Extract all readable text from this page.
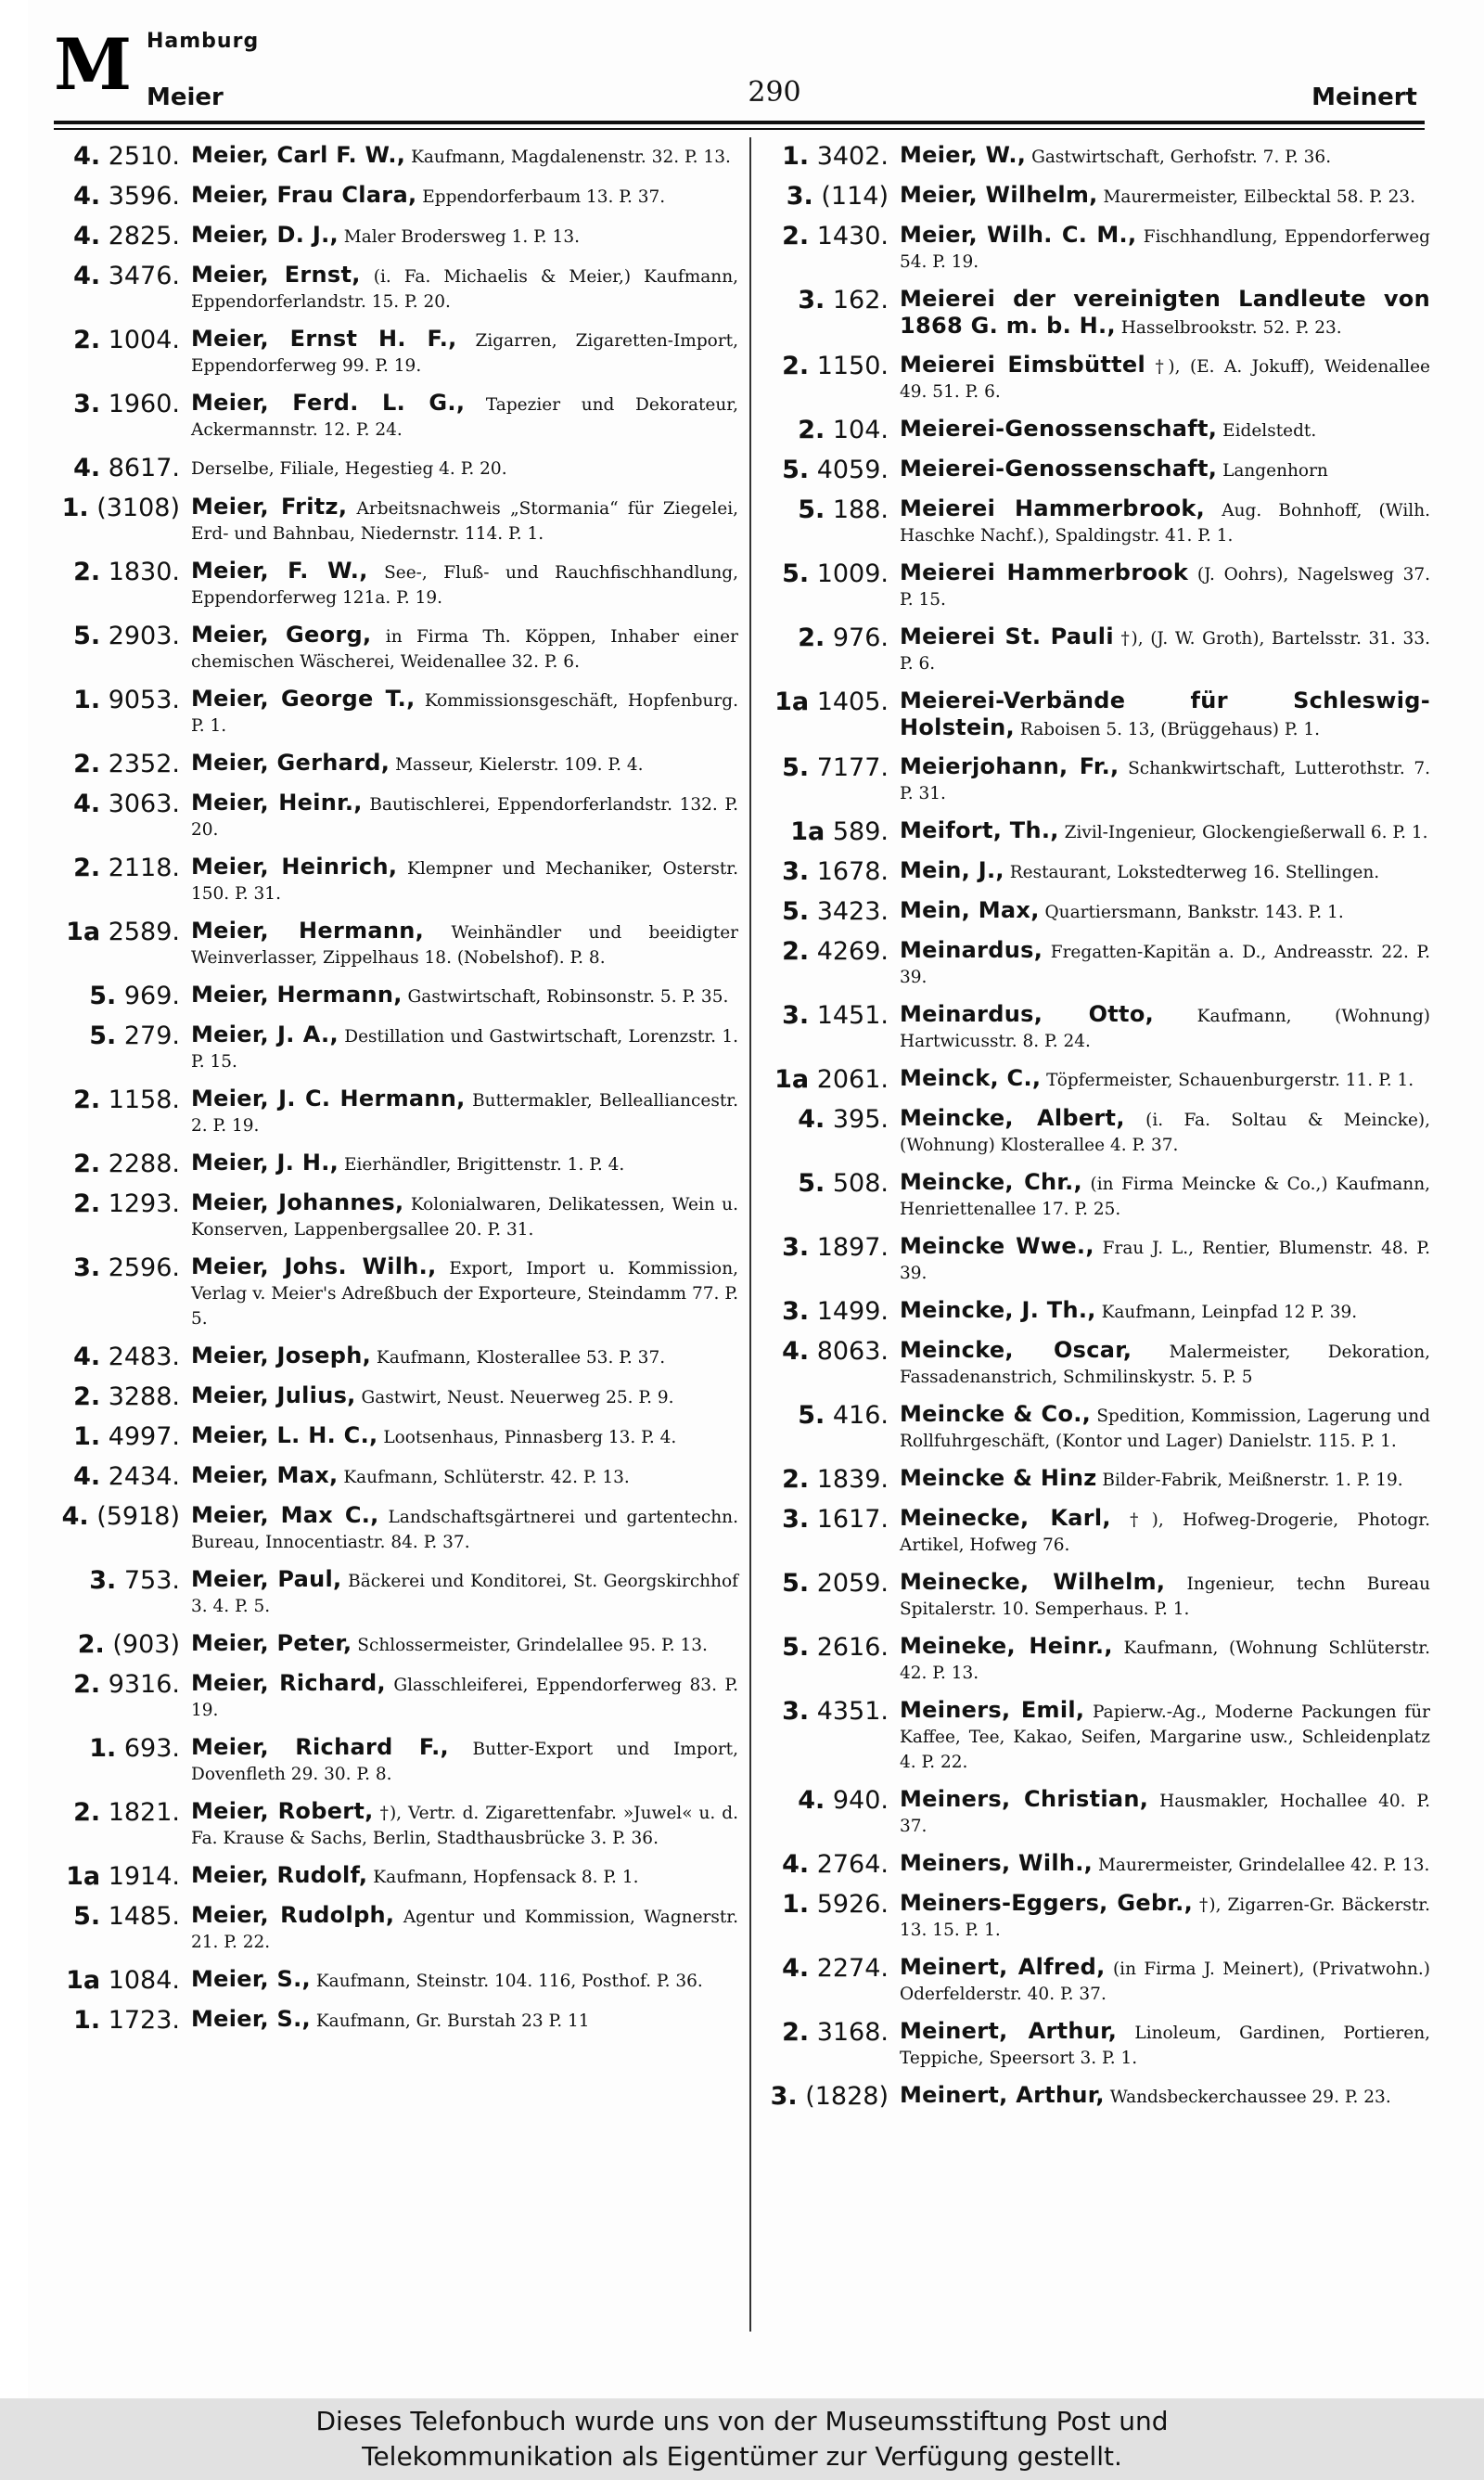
M Hamburg
Meier	290	Meinert
4. 2510. Meier, Carl F. W., Kaufmann, Magdalenenstr. 32. P. 13.
4. 3596. Meier, Frau Clara, Eppendorferbaum 13. P. 37.
4. 2825. Meier, D. J., Maler Brodersweg 1. P. 13.
4. 3476. Meier, Ernst, (i. Fa. Michaelis & Meier,) Kaufmann, Eppendorferlandstr. 15. P. 20.
2. 1004. Meier, Ernst H. F., Zigarren, Zigaretten-Import, Eppendorferweg 99. P. 19.
3. 1960. Meier, Ferd. L. G., Tapezier und Dekorateur, Ackermannstr. 12. P. 24.
4. 8617. Derselbe, Filiale, Hegestieg 4. P. 20.
1. (3108) Meier, Fritz, Arbeitsnachweis „Stormania“ für Ziegelei, Erd- und Bahnbau, Niedernstr. 114. P. 1.
2. 1830. Meier, F. W., See-, Fluß- und Rauchfischhandlung, Eppendorferweg 121a. P. 19.
5. 2903. Meier, Georg, in Firma Th. Köppen, Inhaber einer chemischen Wäscherei, Weidenallee 32. P. 6.
1. 9053. Meier, George T., Kommissionsgeschäft, Hopfenburg. P. 1.
2. 2352. Meier, Gerhard, Masseur, Kielerstr. 109. P. 4.
4. 3063. Meier, Heinr., Bautischlerei, Eppendorferlandstr. 132. P. 20.
2. 2118. Meier, Heinrich, Klempner und Mechaniker, Osterstr. 150. P. 31.
1a 2589. Meier, Hermann, Weinhändler und beeidigter Weinverlasser, Zippelhaus 18. (Nobelshof). P. 8.
5. 969. Meier, Hermann, Gastwirtschaft, Robinsonstr. 5. P. 35.
5. 279. Meier, J. A., Destillation und Gastwirtschaft, Lorenzstr. 1. P. 15.
2. 1158. Meier, J. C. Hermann, Buttermakler, Bellealliancestr. 2. P. 19.
2. 2288. Meier, J. H., Eierhändler, Brigittenstr. 1. P. 4.
2. 1293. Meier, Johannes, Kolonialwaren, Delikatessen, Wein u. Konserven, Lappenbergsallee 20. P. 31.
3. 2596. Meier, Johs. Wilh., Export, Import u. Kommission, Verlag v. Meier's Adreßbuch der Exporteure, Steindamm 77. P. 5.
4. 2483. Meier, Joseph, Kaufmann, Klosterallee 53. P. 37.
2. 3288. Meier, Julius, Gastwirt, Neust. Neuerweg 25. P. 9.
1. 4997. Meier, L. H. C., Lootsenhaus, Pinnasberg 13. P. 4.
4. 2434. Meier, Max, Kaufmann, Schlüterstr. 42. P. 13.
4. (5918) Meier, Max C., Landschaftsgärtnerei und gartentechn. Bureau, Innocentiastr. 84. P. 37.
3. 753. Meier, Paul, Bäckerei und Konditorei, St. Georgskirchhof 3. 4. P. 5.
2. (903) Meier, Peter, Schlossermeister, Grindelallee 95. P. 13.
2. 9316. Meier, Richard, Glasschleiferei, Eppendorferweg 83. P. 19.
1. 693. Meier, Richard F., Butter-Export und Import, Dovenfleth 29. 30. P. 8.
2. 1821. Meier, Robert, †), Vertr. d. Zigarettenfabr. »Juwel« u. d. Fa. Krause & Sachs, Berlin, Stadthausbrücke 3. P. 36.
1a 1914. Meier, Rudolf, Kaufmann, Hopfensack 8. P. 1.
5. 1485. Meier, Rudolph, Agentur und Kommission, Wagnerstr. 21. P. 22.
1a 1084. Meier, S., Kaufmann, Steinstr. 104. 116, Posthof. P. 36.
1. 1723. Meier, S., Kaufmann, Gr. Burstah 23 P. 11
1. 3402. Meier, W., Gastwirtschaft, Gerhofstr. 7. P. 36.
3. (114) Meier, Wilhelm, Maurermeister, Eilbecktal 58. P. 23.
2. 1430. Meier, Wilh. C. M., Fischhandlung, Eppendorferweg 54. P. 19.
3. 162. Meierei der vereinigten Landleute von 1868 G. m. b. H., Hasselbrookstr. 52. P. 23.
2. 1150. Meierei Eimsbüttel †), (E. A. Jokuff), Weidenallee 49. 51. P. 6.
2. 104. Meierei-Genossenschaft, Eidelstedt.
5. 4059. Meierei-Genossenschaft, Langenhorn
5. 188. Meierei Hammerbrook, Aug. Bohnhoff, (Wilh. Haschke Nachf.), Spaldingstr. 41. P. 1.
5. 1009. Meierei Hammerbrook (J. Oohrs), Nagelsweg 37. P. 15.
2. 976. Meierei St. Pauli †), (J. W. Groth), Bartelsstr. 31. 33. P. 6.
1a 1405. Meierei-Verbände für Schleswig-Holstein, Raboisen 5. 13, (Brüggehaus) P. 1.
5. 7177. Meierjohann, Fr., Schankwirtschaft, Lutterothstr. 7. P. 31.
1a 589. Meifort, Th., Zivil-Ingenieur, Glockengießerwall 6. P. 1.
3. 1678. Mein, J., Restaurant, Lokstedterweg 16. Stellingen.
5. 3423. Mein, Max, Quartiersmann, Bankstr. 143. P. 1.
2. 4269. Meinardus, Fregatten-Kapitän a. D., Andreasstr. 22. P. 39.
3. 1451. Meinardus, Otto,	Kaufmann, (Wohnung) Hartwicusstr. 8. P. 24.
1a 2061. Meinck, C., Töpfermeister, Schauenburgerstr. 11. P. 1.
4. 395. Meincke, Albert, (i. Fa. Soltau & Meincke), (Wohnung) Klosterallee 4. P. 37.
5. 508. Meincke, Chr., (in Firma Meincke & Co.,) Kaufmann, Henriettenallee 17. P. 25.
3. 1897. Meincke Wwe., Frau J. L., Rentier, Blumenstr. 48. P. 39.
3. 1499. Meincke, J. Th., Kaufmann, Leinpfad 12 P. 39.
4. 8063. Meincke, Oscar, Malermeister, Dekoration, Fassadenanstrich, Schmilinskystr. 5. P. 5
5. 416. Meincke & Co., Spedition, Kommission, Lagerung und Rollfuhrgeschäft, (Kontor und Lager) Danielstr. 115. P. 1.
2. 1839. Meincke & Hinz Bilder-Fabrik, Meißnerstr. 1. P. 19.
3. 1617. Meinecke, Karl, †), Hofweg-Drogerie, Photogr. Artikel, Hofweg 76.
5. 2059. Meinecke, Wilhelm, Ingenieur, techn Bureau Spitalerstr. 10. Semperhaus. P. 1.
5. 2616. Meineke, Heinr., Kaufmann, (Wohnung Schlüterstr. 42. P. 13.
3. 4351. Meiners, Emil, Papierw.-Ag., Moderne Packungen für Kaffee, Tee, Kakao, Seifen, Margarine usw., Schleidenplatz 4. P. 22.
4. 940. Meiners, Christian, Hausmakler, Hochallee 40. P. 37.
4. 2764. Meiners, Wilh., Maurermeister, Grindelallee 42. P. 13.
1. 5926. Meiners-Eggers, Gebr., †), Zigarren-Gr. Bäckerstr. 13. 15. P. 1.
4. 2274. Meinert, Alfred, (in Firma J. Meinert), (Privatwohn.) Oderfelderstr. 40. P. 37.
2. 3168. Meinert, Arthur, Linoleum, Gardinen, Portieren, Teppiche, Speersort 3. P. 1.
3. (1828) Meinert, Arthur, Wandsbeckerchaussee 29. P. 23.
Dieses Telefonbuch wurde uns von der Museumsstiftung Post und
Telekommunikation als Eigentümer zur Verfügung gestellt.
